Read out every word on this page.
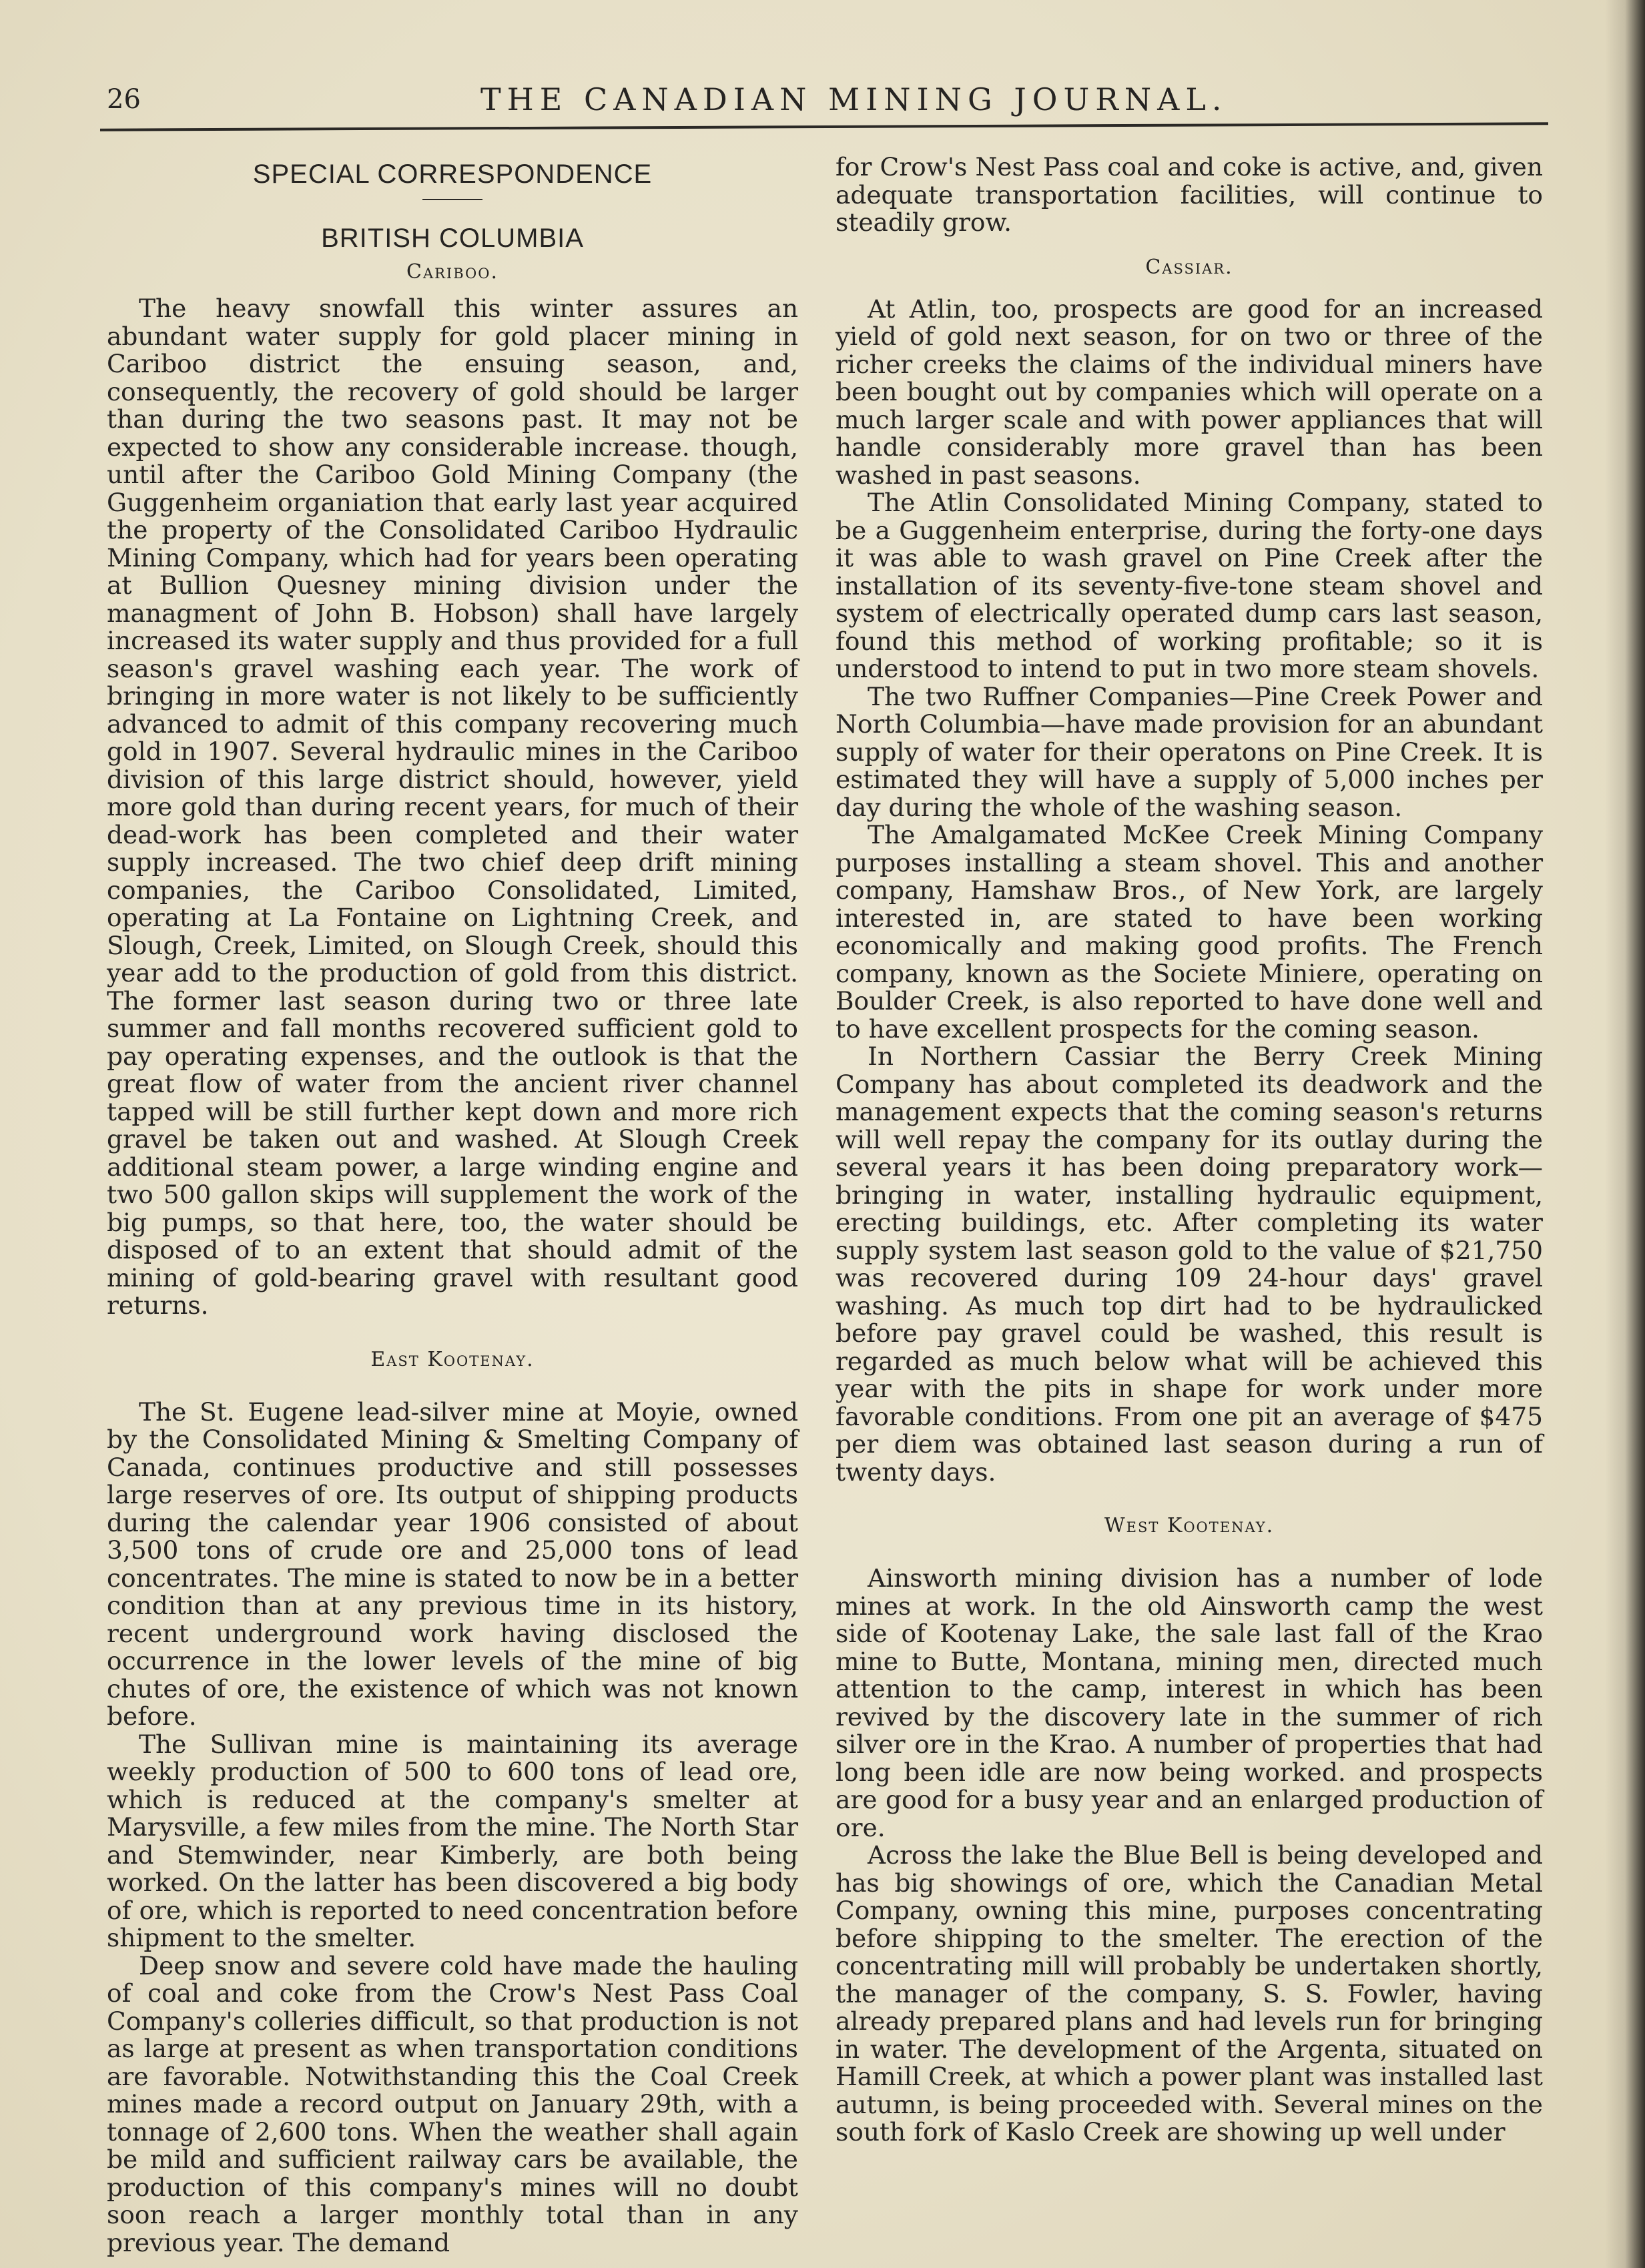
26	THE CANADIAN MINING JOURNAL.
SPECIAL CORRESPONDENCE
BRITISH COLUMBIA
Cariboo.

The heavy snowfall this winter assures an abundant water supply for gold placer mining in Cariboo district the ensuing season, and, consequently, the recovery of gold should be larger than during the two seasons past. It may not be expected to show any considerable increase. though, until after the Cariboo Gold Mining Company (the Guggenheim organiation that early last year acquired the property of the Consolidated Cariboo Hydraulic Mining Company, which had for years been operating at Bullion Quesney mining division under the managment of John B. Hobson) shall have largely increased its water supply and thus provided for a full season's gravel washing each year. The work of bringing in more water is not likely to be sufficiently advanced to admit of this company recovering much gold in 1907. Several hydraulic mines in the Cariboo division of this large district should, however, yield more gold than during recent years, for much of their dead-work has been completed and their water supply increased. The two chief deep drift mining companies, the Cariboo Consolidated, Limited, operating at La Fontaine on Lightning Creek, and Slough, Creek, Limited, on Slough Creek, should this year add to the production of gold from this district. The former last season during two or three late summer and fall months recovered sufficient gold to pay operating expenses, and the outlook is that the great flow of water from the ancient river channel tapped will be still further kept down and more rich gravel be taken out and washed. At Slough Creek additional steam power, a large winding engine and two 500 gallon skips will supplement the work of the big pumps, so that here, too, the water should be disposed of to an extent that should admit of the mining of gold-bearing gravel with resultant good returns.

East Kootenay.

The St. Eugene lead-silver mine at Moyie, owned by the Consolidated Mining & Smelting Company of Canada, continues productive and still possesses large reserves of ore. Its output of shipping products during the calendar year 1906 consisted of about 3,500 tons of crude ore and 25,000 tons of lead concentrates. The mine is stated to now be in a better condition than at any previous time in its history, recent underground work having disclosed the occurrence in the lower levels of the mine of big chutes of ore, the existence of which was not known before.

The Sullivan mine is maintaining its average weekly production of 500 to 600 tons of lead ore, which is reduced at the company's smelter at Marysville, a few miles from the mine. The North Star and Stemwinder, near Kimberly, are both being worked. On the latter has been discovered a big body of ore, which is reported to need concentration before shipment to the smelter.

Deep snow and severe cold have made the hauling of coal and coke from the Crow's Nest Pass Coal Company's colleries difficult, so that production is not as large at present as when transportation conditions are favorable. Notwithstanding this the Coal Creek mines made a record output on January 29th, with a tonnage of 2,600 tons. When the weather shall again be mild and sufficient railway cars be available, the production of this company's mines will no doubt soon reach a larger monthly total than in any previous year. The demand

for Crow's Nest Pass coal and coke is active, and, given adequate transportation facilities, will continue to steadily grow.

Cassiar.

At Atlin, too, prospects are good for an increased yield of gold next season, for on two or three of the richer creeks the claims of the individual miners have been bought out by companies which will operate on a much larger scale and with power appliances that will handle considerably more gravel than has been washed in past seasons.

The Atlin Consolidated Mining Company, stated to be a Guggenheim enterprise, during the forty-one days it was able to wash gravel on Pine Creek after the installation of its seventy-five-tone steam shovel and system of electrically operated dump cars last season, found this method of working profitable; so it is understood to intend to put in two more steam shovels.

The two Ruffner Companies—Pine Creek Power and North Columbia—have made provision for an abundant supply of water for their operatons on Pine Creek. It is estimated they will have a supply of 5,000 inches per day during the whole of the washing season.

The Amalgamated McKee Creek Mining Company purposes installing a steam shovel. This and another company, Hamshaw Bros., of New York, are largely interested in, are stated to have been working economically and making good profits. The French company, known as the Societe Miniere, operating on Boulder Creek, is also reported to have done well and to have excellent prospects for the coming season.

In Northern Cassiar the Berry Creek Mining Company has about completed its deadwork and the management expects that the coming season's returns will well repay the company for its outlay during the several years it has been doing preparatory work—bringing in water, installing hydraulic equipment, erecting buildings, etc. After completing its water supply system last season gold to the value of $21,750 was recovered during 109 24-hour days' gravel washing. As much top dirt had to be hydraulicked before pay gravel could be washed, this result is regarded as much below what will be achieved this year with the pits in shape for work under more favorable conditions. From one pit an average of $475 per diem was obtained last season during a run of twenty days.

West Kootenay.

Ainsworth mining division has a number of lode mines at work. In the old Ainsworth camp the west side of Kootenay Lake, the sale last fall of the Krao mine to Butte, Montana, mining men, directed much attention to the camp, interest in which has been revived by the discovery late in the summer of rich silver ore in the Krao. A number of properties that had long been idle are now being worked. and prospects are good for a busy year and an enlarged production of ore.

Across the lake the Blue Bell is being developed and has big showings of ore, which the Canadian Metal Company, owning this mine, purposes concentrating before shipping to the smelter. The erection of the concentrating mill will probably be undertaken shortly, the manager of the company, S. S. Fowler, having already prepared plans and had levels run for bringing in water. The development of the Argenta, situated on Hamill Creek, at which a power plant was installed last autumn, is being proceeded with. Several mines on the south fork of Kaslo Creek are showing up well under
